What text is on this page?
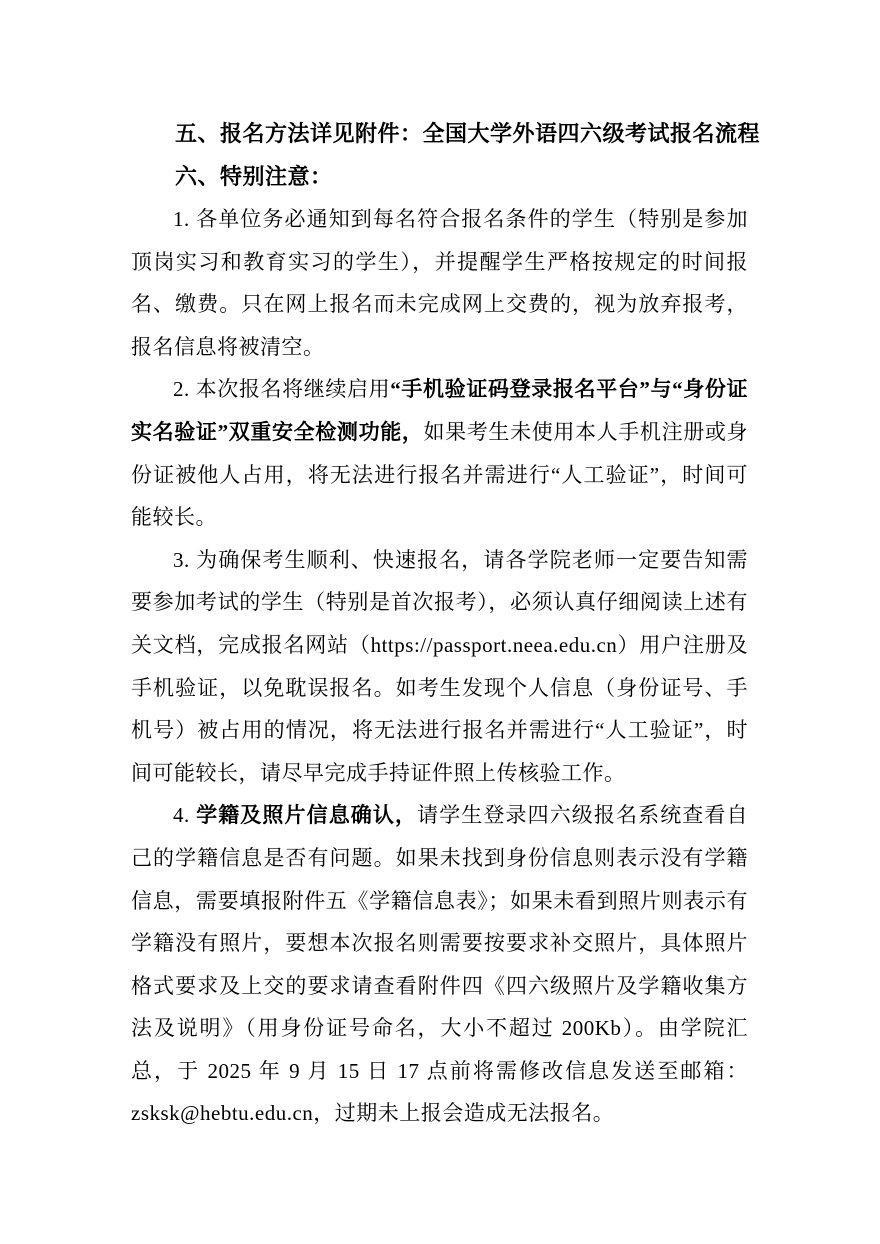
五、报名方法详见附件：全国大学外语四六级考试报名流程

六、特别注意：

1. 各单位务必通知到每名符合报名条件的学生（特别是参加顶岗实习和教育实习的学生），并提醒学生严格按规定的时间报名、缴费。只在网上报名而未完成网上交费的，视为放弃报考，报名信息将被清空。

2. 本次报名将继续启用“手机验证码登录报名平台”与“身份证实名验证”双重安全检测功能，如果考生未使用本人手机注册或身份证被他人占用，将无法进行报名并需进行“人工验证”，时间可能较长。

3. 为确保考生顺利、快速报名，请各学院老师一定要告知需要参加考试的学生（特别是首次报考），必须认真仔细阅读上述有关文档，完成报名网站（https://passport.neea.edu.cn）用户注册及手机验证，以免耽误报名。如考生发现个人信息（身份证号、手机号）被占用的情况，将无法进行报名并需进行“人工验证”，时间可能较长，请尽早完成手持证件照上传核验工作。

4. 学籍及照片信息确认，请学生登录四六级报名系统查看自己的学籍信息是否有问题。如果未找到身份信息则表示没有学籍信息，需要填报附件五《学籍信息表》；如果未看到照片则表示有学籍没有照片，要想本次报名则需要按要求补交照片，具体照片格式要求及上交的要求请查看附件四《四六级照片及学籍收集方法及说明》（用身份证号命名，大小不超过 200Kb）。由学院汇总，于 2025 年 9 月 15 日 17 点前将需修改信息发送至邮箱：zsksk@hebtu.edu.cn，过期未上报会造成无法报名。
